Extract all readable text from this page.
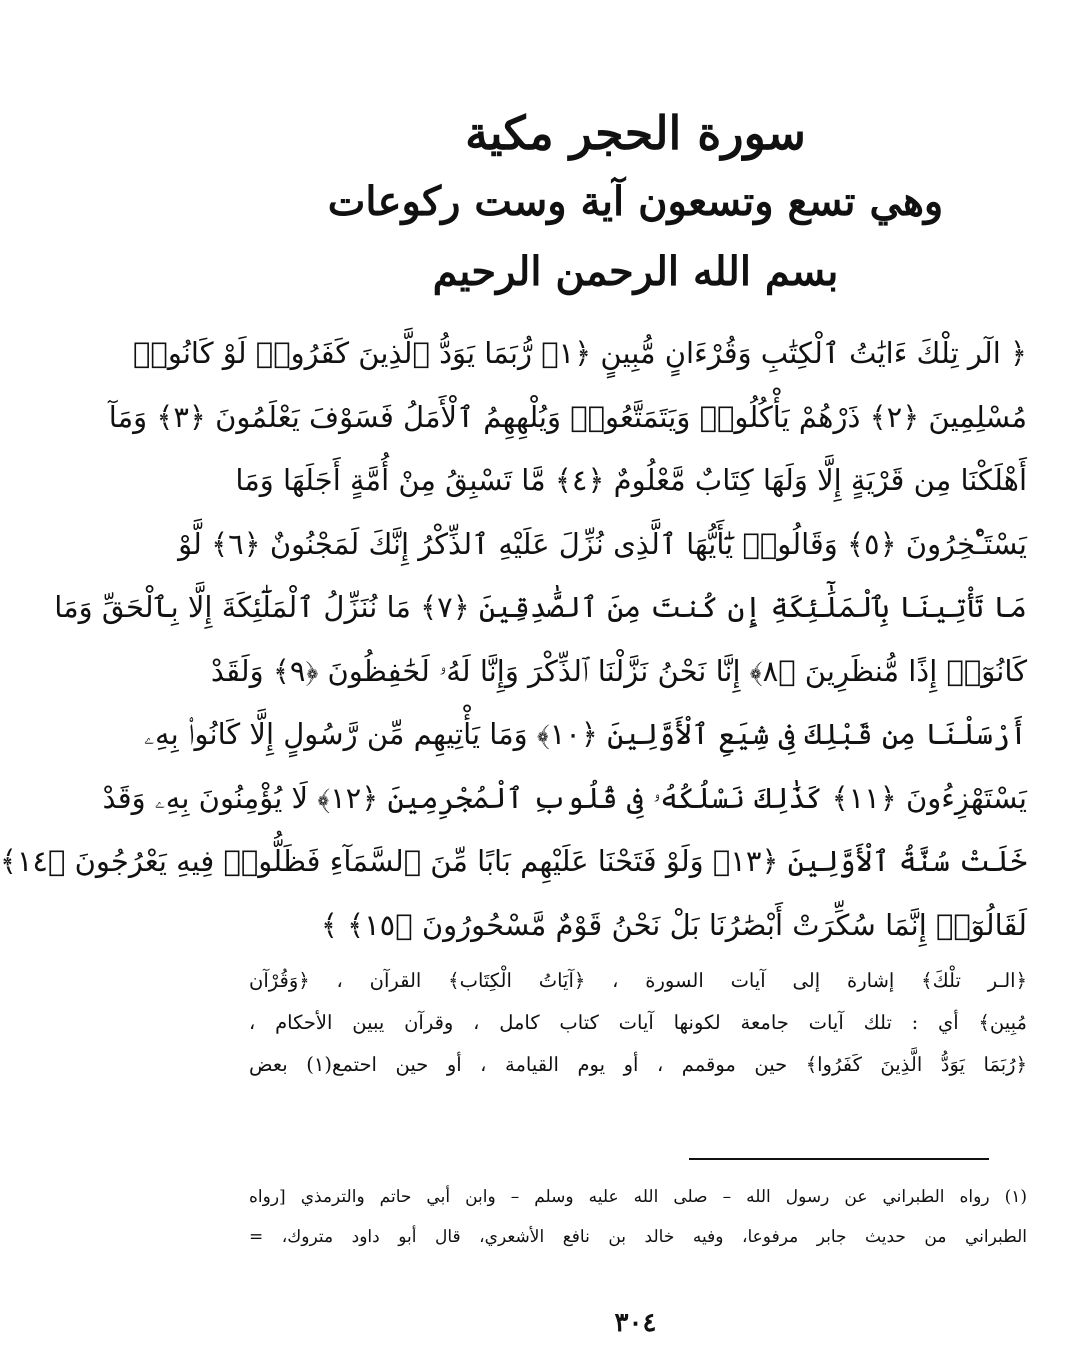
سورة الحجر مكية
وهي تسع وتسعون آية وست ركوعات
بسم الله الرحمن الرحيم
﴿ الٓر تِلْكَ ءَايَٰتُ ٱلْكِتَٰبِ وَقُرْءَانٍ مُّبِينٍ ﴿١﴾ رُّبَمَا يَوَدُّ ٱلَّذِينَ كَفَرُوا۟ لَوْ كَانُوا۟
مُسْلِمِينَ ﴿٢﴾ ذَرْهُمْ يَأْكُلُوا۟ وَيَتَمَتَّعُوا۟ وَيُلْهِهِمُ ٱلْأَمَلُ فَسَوْفَ يَعْلَمُونَ ﴿٣﴾ وَمَآ
أَهْلَكْنَا مِن قَرْيَةٍ إِلَّا وَلَهَا كِتَابٌ مَّعْلُومٌ ﴿٤﴾ مَّا تَسْبِقُ مِنْ أُمَّةٍ أَجَلَهَا وَمَا
يَسْتَـْٔخِرُونَ ﴿٥﴾ وَقَالُوا۟ يَٰٓأَيُّهَا ٱلَّذِى نُزِّلَ عَلَيْهِ ٱلذِّكْرُ إِنَّكَ لَمَجْنُونٌ ﴿٦﴾ لَّوْ
مَا تَأْتِينَا بِٱلْمَلَٰٓئِكَةِ إِن كُنتَ مِنَ ٱلصَّٰدِقِينَ ﴿٧﴾ مَا نُنَزِّلُ ٱلْمَلَٰٓئِكَةَ إِلَّا بِٱلْحَقِّ وَمَا
كَانُوٓا۟ إِذًا مُّنظَرِينَ ﴿٨﴾ إِنَّا نَحْنُ نَزَّلْنَا ٱلذِّكْرَ وَإِنَّا لَهُۥ لَحَٰفِظُونَ ﴿٩﴾ وَلَقَدْ
أَرْسَلْنَا مِن قَبْلِكَ فِى شِيَعِ ٱلْأَوَّلِينَ ﴿١٠﴾ وَمَا يَأْتِيهِم مِّن رَّسُولٍ إِلَّا كَانُوا۟ بِهِۦ
يَسْتَهْزِءُونَ ﴿١١﴾ كَذَٰلِكَ نَسْلُكُهُۥ فِى قُلُوبِ ٱلْمُجْرِمِينَ ﴿١٢﴾ لَا يُؤْمِنُونَ بِهِۦ وَقَدْ
خَلَتْ سُنَّةُ ٱلْأَوَّلِينَ ﴿١٣﴾ وَلَوْ فَتَحْنَا عَلَيْهِم بَابًا مِّنَ ٱلسَّمَآءِ فَظَلُّوا۟ فِيهِ يَعْرُجُونَ ﴿١٤﴾
لَقَالُوٓا۟ إِنَّمَا سُكِّرَتْ أَبْصَٰرُنَا بَلْ نَحْنُ قَوْمٌ مَّسْحُورُونَ ﴿١٥﴾ ﴾
﴿الـر تلْكَ﴾ إشارة إلى آيات السورة ، ﴿آيَاتُ الْكِتَاب﴾ القرآن ، ﴿وَقُرْآن
مُبِين﴾ أي : تلك آيات جامعة لكونها آيات كتاب كامل ، وقرآن يبين الأحكام ،
﴿رُبَمَا يَوَدُّ الَّذِينَ كَفَرُوا﴾ حين موقمم ، أو يوم القيامة ، أو حين احتمع(١) بعض
(١) رواه الطبراني عن رسول الله – صلى الله عليه وسلم – وابن أبي حاتم والترمذي [رواه
الطبراني من حديث جابر مرفوعا، وفيه خالد بن نافع الأشعري، قال أبو داود متروك، =
٣٠٤
